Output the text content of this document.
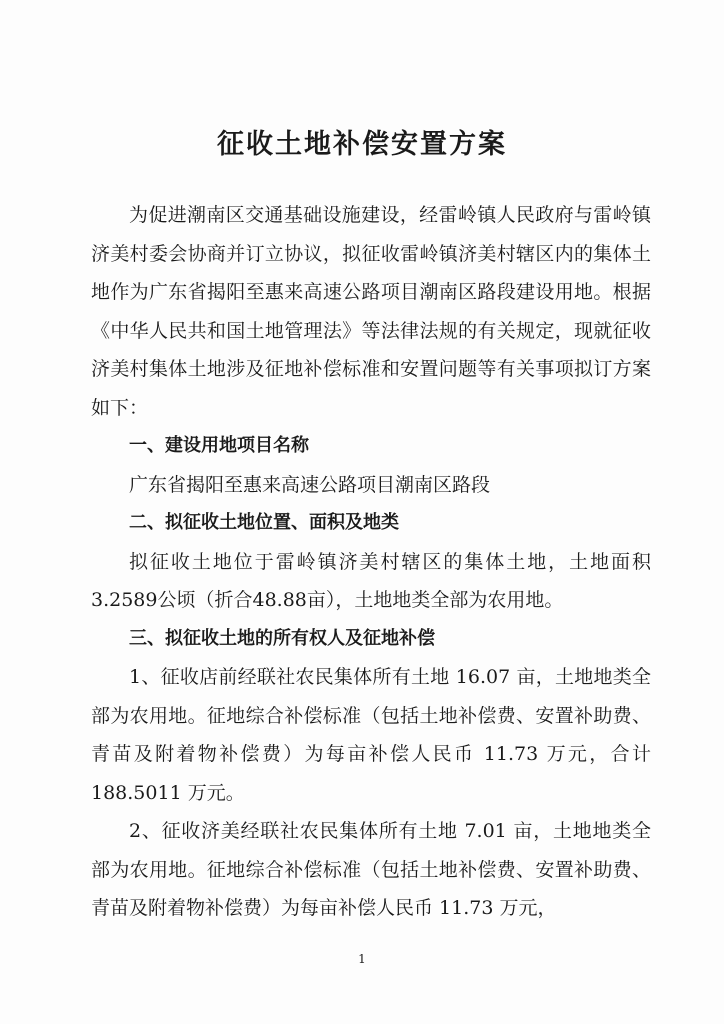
征收土地补偿安置方案

为促进潮南区交通基础设施建设，经雷岭镇人民政府与雷岭镇济美村委会协商并订立协议，拟征收雷岭镇济美村辖区内的集体土地作为广东省揭阳至惠来高速公路项目潮南区路段建设用地。根据《中华人民共和国土地管理法》等法律法规的有关规定，现就征收济美村集体土地涉及征地补偿标准和安置问题等有关事项拟订方案如下：

一、建设用地项目名称

广东省揭阳至惠来高速公路项目潮南区路段

二、拟征收土地位置、面积及地类

拟征收土地位于雷岭镇济美村辖区的集体土地，土地面积3.2589公顷（折合48.88亩），土地地类全部为农用地。

三、拟征收土地的所有权人及征地补偿

1、征收店前经联社农民集体所有土地 16.07 亩，土地地类全部为农用地。征地综合补偿标准（包括土地补偿费、安置补助费、青苗及附着物补偿费）为每亩补偿人民币 11.73 万元，合计 188.5011 万元。

2、征收济美经联社农民集体所有土地 7.01 亩，土地地类全部为农用地。征地综合补偿标准（包括土地补偿费、安置补助费、青苗及附着物补偿费）为每亩补偿人民币 11.73 万元，

1
